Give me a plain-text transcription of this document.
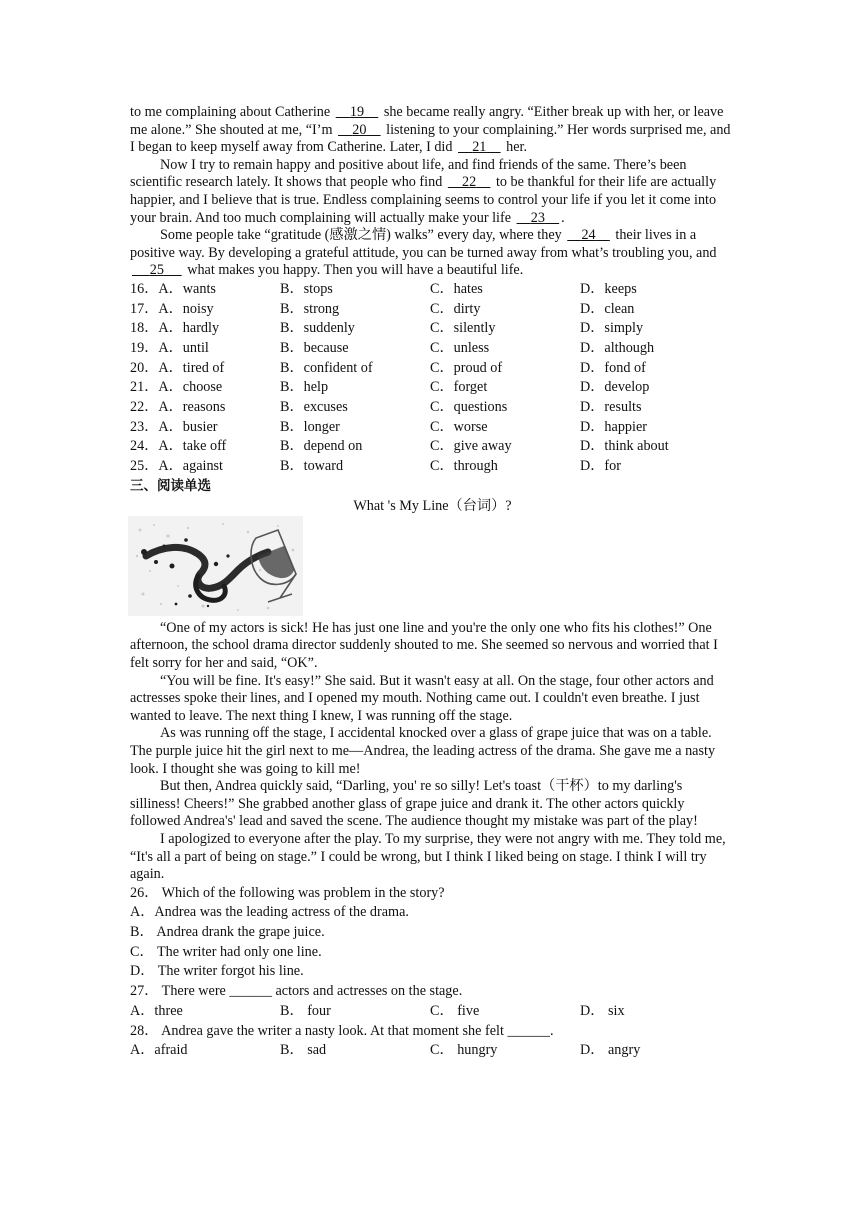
to me complaining about Catherine     19     she became really angry. “Either break up with her, or leave me alone.” She shouted at me, “I’m     20     listening to your complaining.” Her words surprised me, and I began to keep myself away from Catherine. Later, I did     21     her.

Now I try to remain happy and positive about life, and find friends of the same. There’s been scientific research lately. It shows that people who find     22     to be thankful for their life are actually happier, and I believe that is true. Endless complaining seems to control your life if you let it come into your brain. And too much complaining will actually make your life     23 .

Some people take “gratitude (感激之情) walks” every day, where they     24     their lives in a positive way. By developing a grateful attitude, you can be turned away from what’s troubling you, and      25      what makes you happy. Then you will have a beautiful life.

16．A．wants	B．stops	C．hates	D．keeps
17．A．noisy	B．strong	C．dirty	D．clean
18．A．hardly	B．suddenly	C．silently	D．simply
19．A．until	B．because	C．unless	D．although
20．A．tired of	B．confident of	C．proud of	D．fond of
21．A．choose	B．help	C．forget	D．develop
22．A．reasons	B．excuses	C．questions	D．results
23．A．busier	B．longer	C．worse	D．happier
24．A．take off	B．depend on	C．give away	D．think about
25．A．against	B．toward	C．through	D．for
三、阅读单选
What 's My Line（台词）?

“One of my actors is sick! He has just one line and you're the only one who fits his clothes!” One afternoon, the school drama director suddenly shouted to me. She seemed so nervous and worried that I felt sorry for her and said, “OK”.

“You will be fine. It's easy!” She said. But it wasn't easy at all. On the stage, four other actors and actresses spoke their lines, and I opened my mouth. Nothing came out. I couldn't even breathe. I just wanted to leave. The next thing I knew, I was running off the stage.

As was running off the stage, I accidental knocked over a glass of grape juice that was on a table. The purple juice hit the girl next to me—Andrea, the leading actress of the drama. She gave me a nasty look. I thought she was going to kill me!

But then, Andrea quickly said, “Darling, you' re so silly! Let's toast（干杯）to my darling's silliness! Cheers!” She grabbed another glass of grape juice and drank it. The other actors quickly followed Andrea's' lead and saved the scene. The audience thought my mistake was part of the play!

I apologized to everyone after the play. To my surprise, they were not angry with me. They told me, “It's all a part of being on stage.” I could be wrong, but I think I liked being on stage. I think I will try again.

26． Which of the following was problem in the story?
A．Andrea was the leading actress of the drama.
B． Andrea drank the grape juice.
C． The writer had only one line.
D． The writer forgot his line.
27． There were ______ actors and actresses on the stage.
A．three	B． four	C． five	D． six
28． Andrea gave the writer a nasty look. At that moment she felt ______.
A．afraid	B． sad	C． hungry	D． angry
